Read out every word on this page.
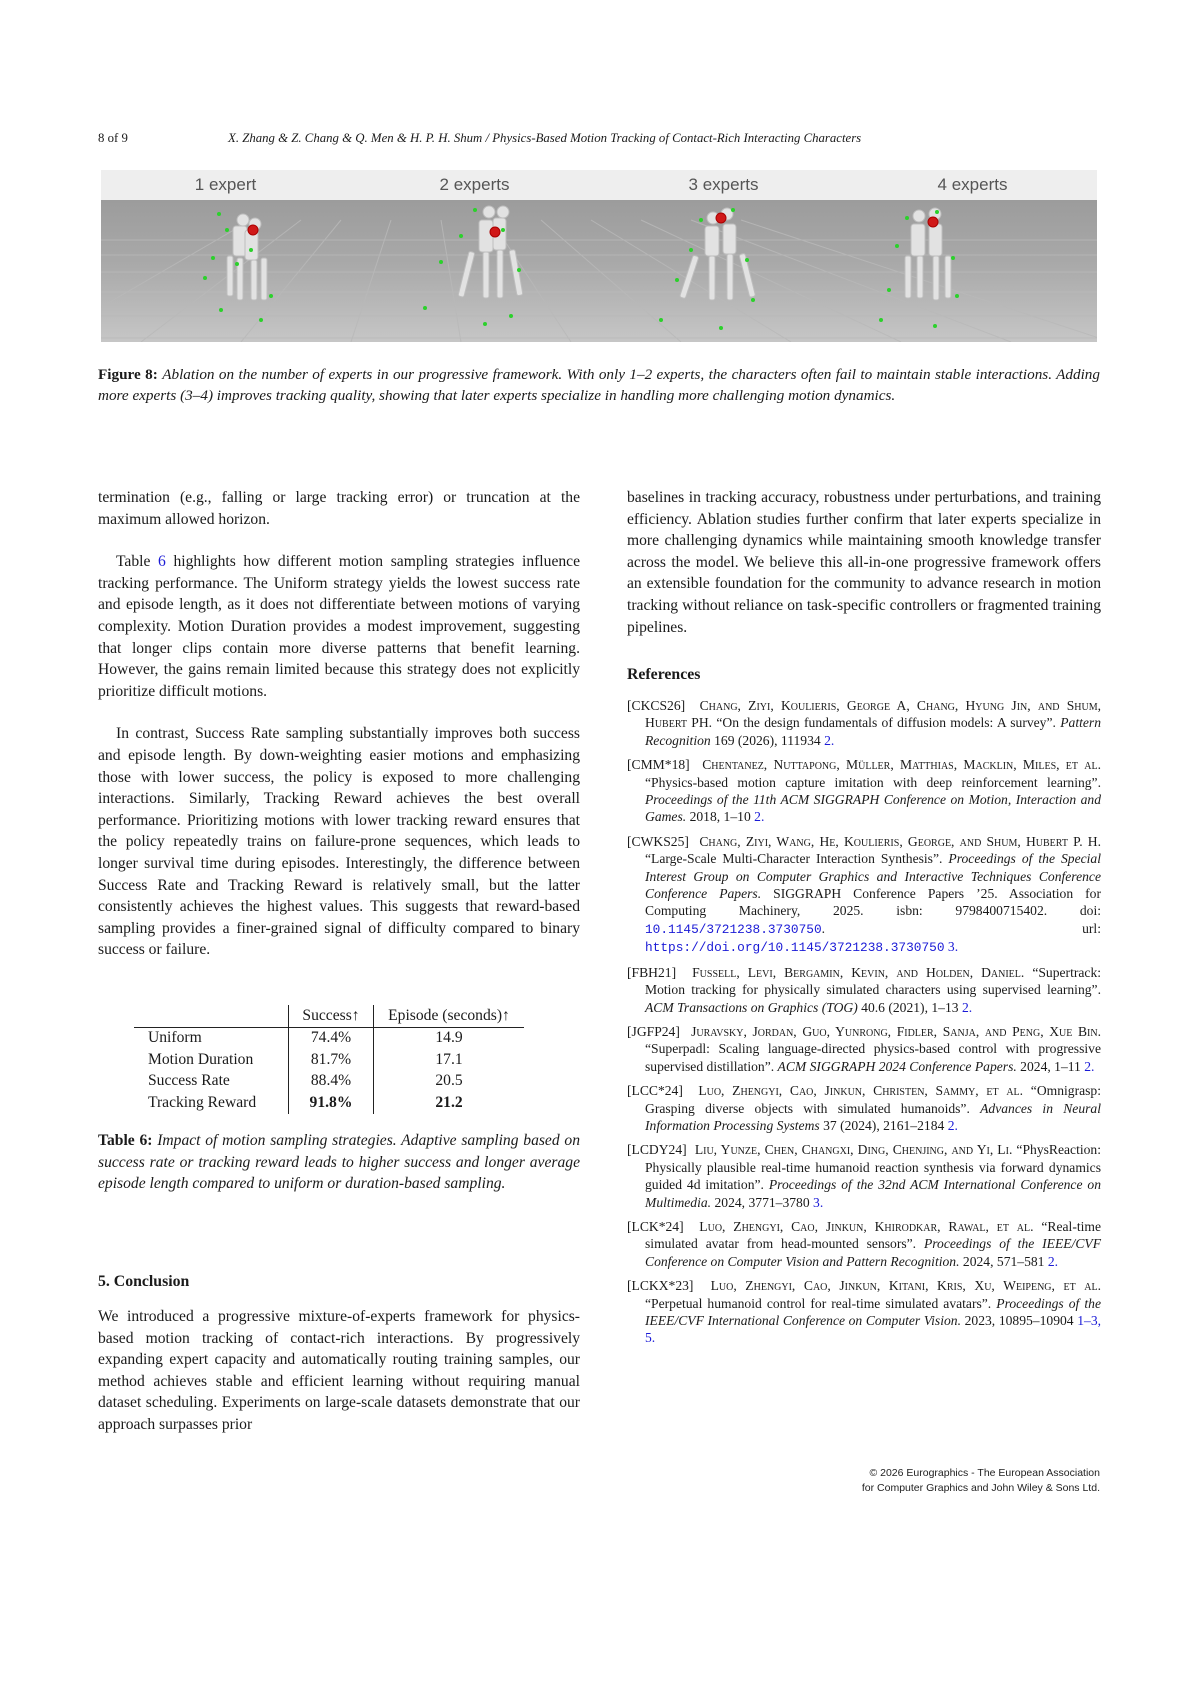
8 of 9	X. Zhang & Z. Chang & Q. Men & H. P. H. Shum / Physics-Based Motion Tracking of Contact-Rich Interacting Characters
1 expert	2 experts	3 experts	4 experts
Figure 8: Ablation on the number of experts in our progressive framework. With only 1–2 experts, the characters often fail to maintain stable interactions. Adding more experts (3–4) improves tracking quality, showing that later experts specialize in handling more challenging motion dynamics.

termination (e.g., falling or large tracking error) or truncation at the maximum allowed horizon.

Table 6 highlights how different motion sampling strategies influence tracking performance. The Uniform strategy yields the lowest success rate and episode length, as it does not differentiate between motions of varying complexity. Motion Duration provides a modest improvement, suggesting that longer clips contain more diverse patterns that benefit learning. However, the gains remain limited because this strategy does not explicitly prioritize difficult motions.

In contrast, Success Rate sampling substantially improves both success and episode length. By down-weighting easier motions and emphasizing those with lower success, the policy is exposed to more challenging interactions. Similarly, Tracking Reward achieves the best overall performance. Prioritizing motions with lower tracking reward ensures that the policy repeatedly trains on failure-prone sequences, which leads to longer survival time during episodes. Interestingly, the difference between Success Rate and Tracking Reward is relatively small, but the latter consistently achieves the highest values. This suggests that reward-based sampling provides a finer-grained signal of difficulty compared to binary success or failure.

	Success↑	Episode (seconds)↑
Uniform	74.4%	14.9
Motion Duration	81.7%	17.1
Success Rate	88.4%	20.5
Tracking Reward	91.8%	21.2
Table 6: Impact of motion sampling strategies. Adaptive sampling based on success rate or tracking reward leads to higher success and longer average episode length compared to uniform or duration-based sampling.
5. Conclusion
We introduced a progressive mixture-of-experts framework for physics-based motion tracking of contact-rich interactions. By progressively expanding expert capacity and automatically routing training samples, our method achieves stable and efficient learning without requiring manual dataset scheduling. Experiments on large-scale datasets demonstrate that our approach surpasses prior

baselines in tracking accuracy, robustness under perturbations, and training efficiency. Ablation studies further confirm that later experts specialize in more challenging dynamics while maintaining smooth knowledge transfer across the model. We believe this all-in-one progressive framework offers an extensible foundation for the community to advance research in motion tracking without reliance on task-specific controllers or fragmented training pipelines.

References
[CKCS26] Chang, Ziyi, Koulieris, George A, Chang, Hyung Jin, and Shum, Hubert PH. “On the design fundamentals of diffusion models: A survey”. Pattern Recognition 169 (2026), 111934 2.
[CMM*18] Chentanez, Nuttapong, Müller, Matthias, Macklin, Miles, et al. “Physics-based motion capture imitation with deep reinforcement learning”. Proceedings of the 11th ACM SIGGRAPH Conference on Motion, Interaction and Games. 2018, 1–10 2.
[CWKS25] Chang, Ziyi, Wang, He, Koulieris, George, and Shum, Hubert P. H. “Large-Scale Multi-Character Interaction Synthesis”. Proceedings of the Special Interest Group on Computer Graphics and Interactive Techniques Conference Conference Papers. SIGGRAPH Conference Papers ’25. Association for Computing Machinery, 2025. isbn: 9798400715402. doi: 10.1145/3721238.3730750. url: https://doi.org/10.1145/3721238.3730750 3.
[FBH21] Fussell, Levi, Bergamin, Kevin, and Holden, Daniel. “Supertrack: Motion tracking for physically simulated characters using supervised learning”. ACM Transactions on Graphics (TOG) 40.6 (2021), 1–13 2.
[JGFP24] Juravsky, Jordan, Guo, Yunrong, Fidler, Sanja, and Peng, Xue Bin. “Superpadl: Scaling language-directed physics-based control with progressive supervised distillation”. ACM SIGGRAPH 2024 Conference Papers. 2024, 1–11 2.
[LCC*24] Luo, Zhengyi, Cao, Jinkun, Christen, Sammy, et al. “Omnigrasp: Grasping diverse objects with simulated humanoids”. Advances in Neural Information Processing Systems 37 (2024), 2161–2184 2.
[LCDY24] Liu, Yunze, Chen, Changxi, Ding, Chenjing, and Yi, Li. “PhysReaction: Physically plausible real-time humanoid reaction synthesis via forward dynamics guided 4d imitation”. Proceedings of the 32nd ACM International Conference on Multimedia. 2024, 3771–3780 3.
[LCK*24] Luo, Zhengyi, Cao, Jinkun, Khirodkar, Rawal, et al. “Real-time simulated avatar from head-mounted sensors”. Proceedings of the IEEE/CVF Conference on Computer Vision and Pattern Recognition. 2024, 571–581 2.
[LCKX*23] Luo, Zhengyi, Cao, Jinkun, Kitani, Kris, Xu, Weipeng, et al. “Perpetual humanoid control for real-time simulated avatars”. Proceedings of the IEEE/CVF International Conference on Computer Vision. 2023, 10895–10904 1–3, 5.
© 2026 Eurographics - The European Association
for Computer Graphics and John Wiley & Sons Ltd.
